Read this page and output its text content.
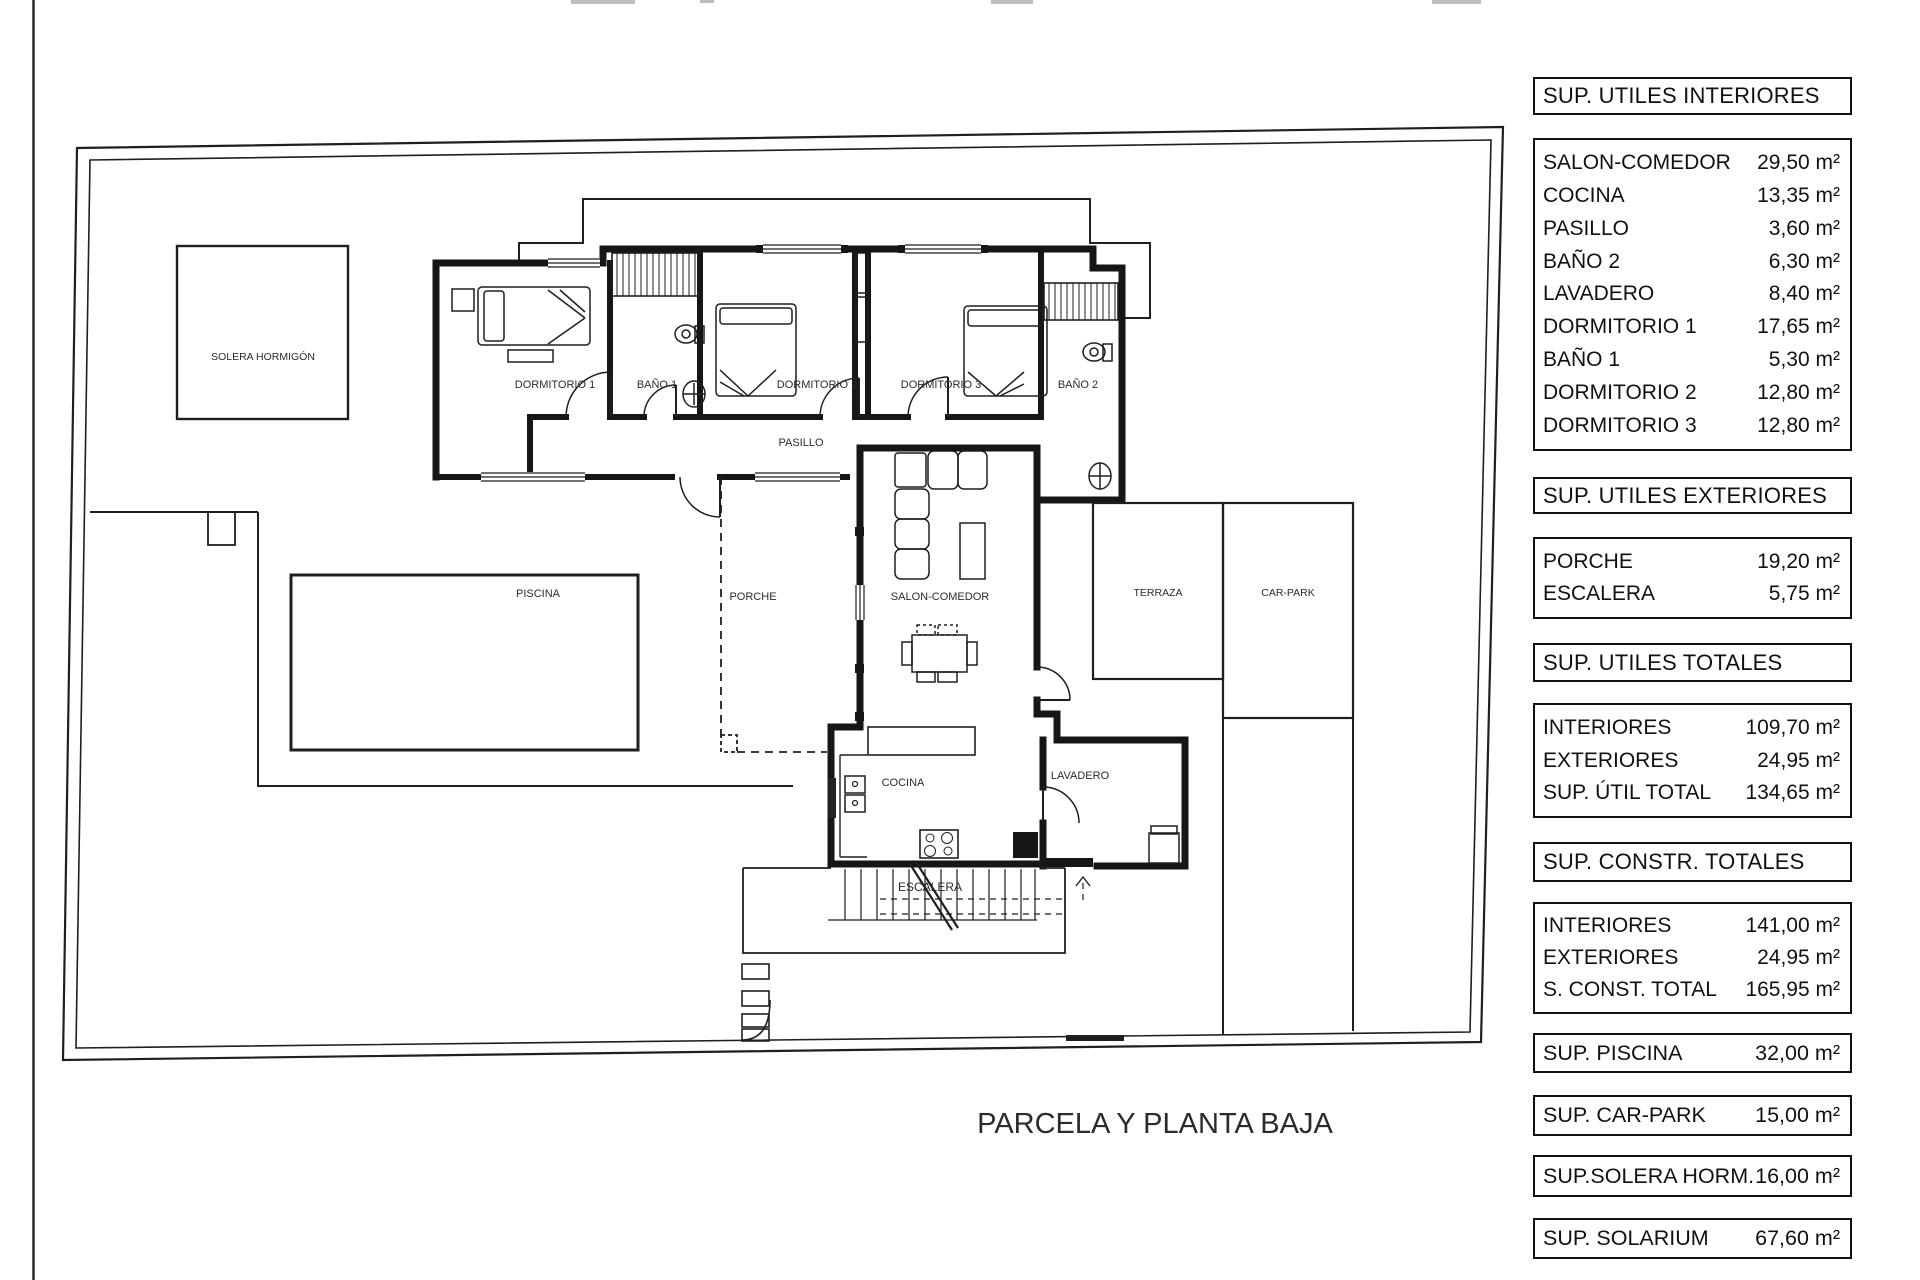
SOLERA HORMIGÓN
PISCINA	TERRAZA	CAR-PARK
ESCALERA
DORMITORIO 1	BAÑO 1	DORMITORIO 2	DORMITORIO 3	BAÑO 2
PASILLO
PORCHE	SALON-COMEDOR
COCINA
LAVADERO
PARCELA Y PLANTA BAJA
SUP. UTILES INTERIORES
SALON-COMEDOR 29,50 m²
COCINA	13,35 m²
PASILLO	3,60 m²
BAÑO 2	6,30 m²
LAVADERO	8,40 m²
DORMITORIO 1	17,65 m²
BAÑO 1	5,30 m²
DORMITORIO 2	12,80 m²
DORMITORIO 3	12,80 m²
SUP. UTILES EXTERIORES
PORCHE	19,20 m²
ESCALERA	5,75 m²
SUP. UTILES TOTALES
INTERIORES	109,70 m²
EXTERIORES	24,95 m²
SUP. ÚTIL TOTAL 134,65 m²
SUP. CONSTR. TOTALES
INTERIORES	141,00 m²
EXTERIORES	24,95 m²
S. CONST. TOTAL 165,95 m²
SUP. PISCINA	32,00 m²
SUP. CAR-PARK 15,00 m²
SUP.SOLERA HORM. 16,00 m²
SUP. SOLARIUM 67,60 m²
